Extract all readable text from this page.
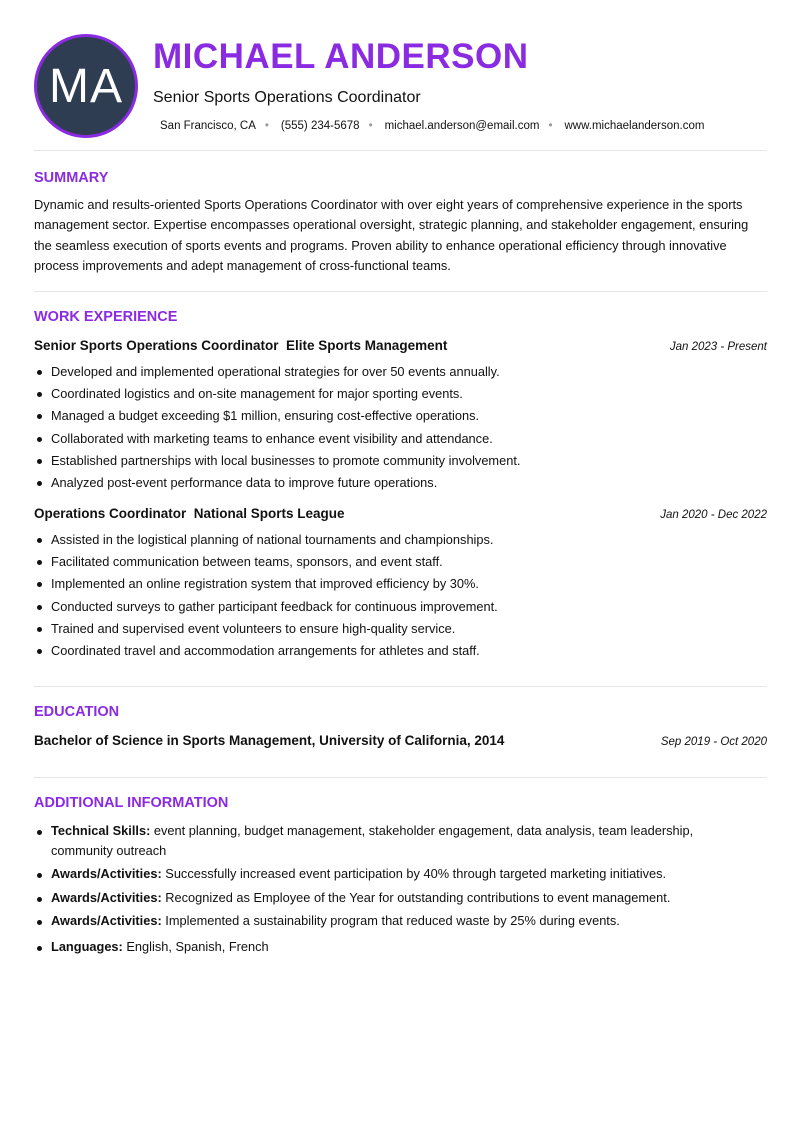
MA
MICHAEL ANDERSON
Senior Sports Operations Coordinator
San Francisco, CA • (555) 234-5678 • michael.anderson@email.com • www.michaelanderson.com
SUMMARY

Dynamic and results-oriented Sports Operations Coordinator with over eight years of comprehensive experience in the sports management sector. Expertise encompasses operational oversight, strategic planning, and stakeholder engagement, ensuring the seamless execution of sports events and programs. Proven ability to enhance operational efficiency through innovative process improvements and adept management of cross-functional teams.

WORK EXPERIENCE
Senior Sports Operations Coordinator Elite Sports Management	Jan 2023 - Present
Developed and implemented operational strategies for over 50 events annually.
Coordinated logistics and on-site management for major sporting events.
Managed a budget exceeding $1 million, ensuring cost-effective operations.
Collaborated with marketing teams to enhance event visibility and attendance.
Established partnerships with local businesses to promote community involvement.
Analyzed post-event performance data to improve future operations.
Operations Coordinator National Sports League	Jan 2020 - Dec 2022
Assisted in the logistical planning of national tournaments and championships.
Facilitated communication between teams, sponsors, and event staff.
Implemented an online registration system that improved efficiency by 30%.
Conducted surveys to gather participant feedback for continuous improvement.
Trained and supervised event volunteers to ensure high-quality service.
Coordinated travel and accommodation arrangements for athletes and staff.
EDUCATION
Bachelor of Science in Sports Management, University of California, 2014	Sep 2019 - Oct 2020
ADDITIONAL INFORMATION
Technical Skills: event planning, budget management, stakeholder engagement, data analysis, team leadership, community outreach
Awards/Activities: Successfully increased event participation by 40% through targeted marketing initiatives.
Awards/Activities: Recognized as Employee of the Year for outstanding contributions to event management.
Awards/Activities: Implemented a sustainability program that reduced waste by 25% during events.
Languages: English, Spanish, French
